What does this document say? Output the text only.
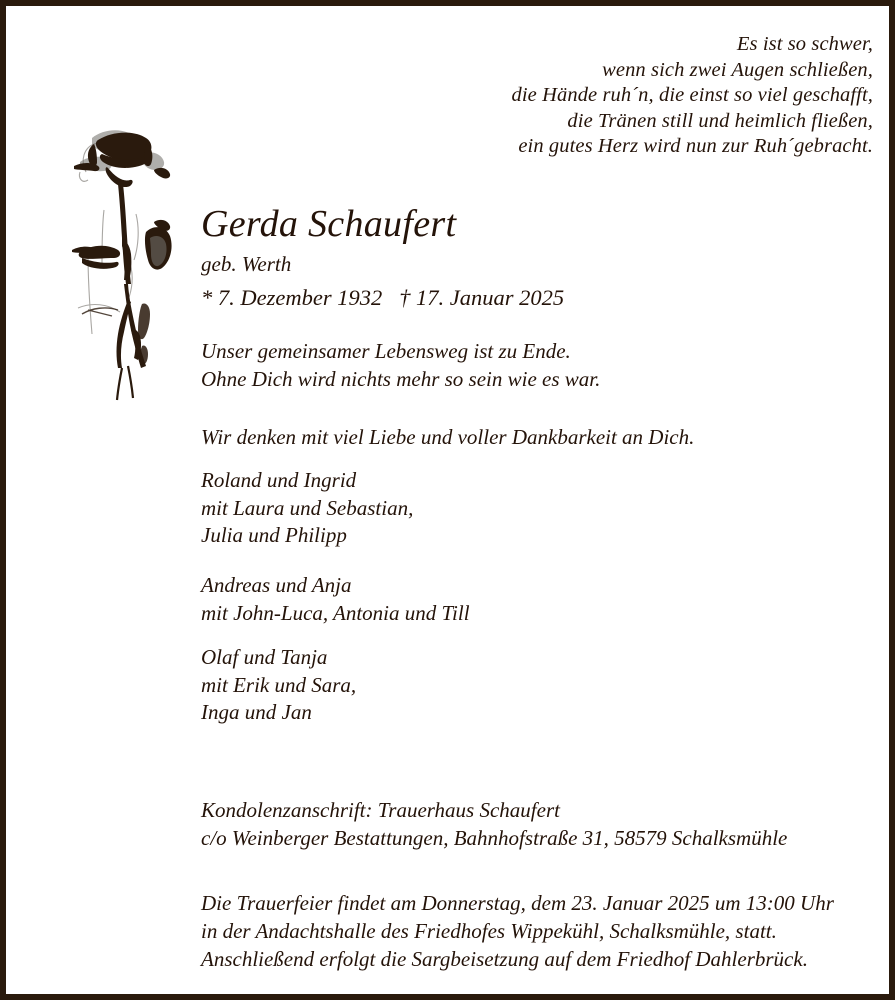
Es ist so schwer,
wenn sich zwei Augen schließen,
die Hände ruh´n, die einst so viel geschafft,
die Tränen still und heimlich fließen,
ein gutes Herz wird nun zur Ruh´gebracht.
Gerda Schaufert
geb. Werth
* 7. Dezember 1932   † 17. Januar 2025
Unser gemeinsamer Lebensweg ist zu Ende.
Ohne Dich wird nichts mehr so sein wie es war.
Wir denken mit viel Liebe und voller Dankbarkeit an Dich.
Roland und Ingrid
mit Laura und Sebastian,
Julia und Philipp
Andreas und Anja
mit John-Luca, Antonia und Till
Olaf und Tanja
mit Erik und Sara,
Inga und Jan
Kondolenzanschrift: Trauerhaus Schaufert
c/o Weinberger Bestattungen, Bahnhofstraße 31, 58579 Schalksmühle
Die Trauerfeier findet am Donnerstag, dem 23. Januar 2025 um 13:00 Uhr
in der Andachtshalle des Friedhofes Wippekühl, Schalksmühle, statt.
Anschließend erfolgt die Sargbeisetzung auf dem Friedhof Dahlerbrück.
